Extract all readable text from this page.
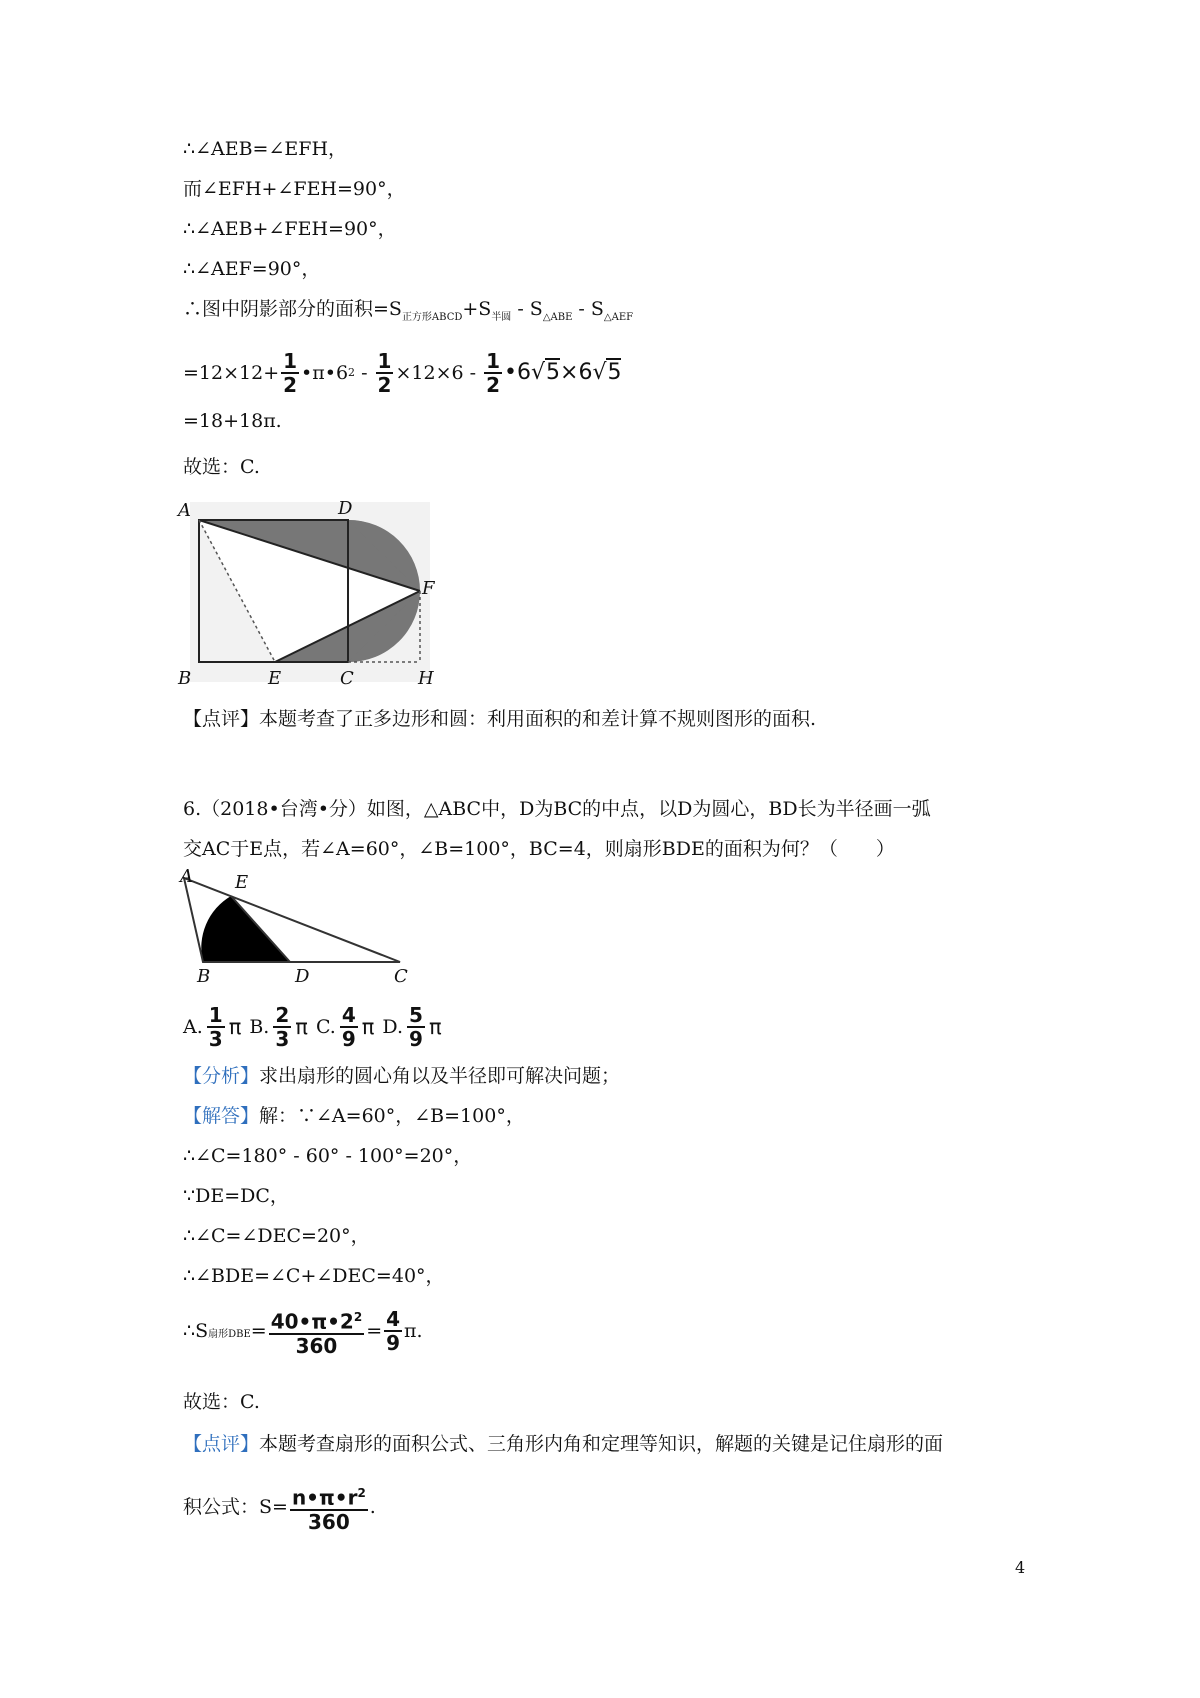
∴∠AEB=∠EFH，
而∠EFH+∠FEH=90°，
∴∠AEB+∠FEH=90°，
∴∠AEF=90°，
∴图中阴影部分的面积$=S_{正方形ABCD}+S_{半圆} - S_{\triangle ABE} - S_{\triangle AEF}$
$=12\times 12+ \frac{1}{2}$ •π•6 $2 - \frac{1}{2} \times 12\times 6 - \frac{1}{2}$ •6√5 ×6√5
=18+18π.
故选：C.
A	D
F
B	E	C	H
【点评】本题考查了正多边形和圆：利用面积的和差计算不规则图形的面积.
6.（2018•台湾•分）如图，△ABC中，D为BC的中点，以D为圆心，BD长为半径画一弧
交AC于E点，若∠A=60°，∠B=100°，BC=4，则扇形BDE的面积为何？（　　）
A E
B	D	C
A. $\frac{1}{3}$ π B. $\frac{2}{3}$ π C. $\frac{4}{9}$ π D. $\frac{5}{9}$ π
【分析】求出扇形的圆心角以及半径即可解决问题；
【解答】解：∵∠A=60°，∠B=100°，
∴∠C=180° - 60° - 100°=20°，
∵DE=DC，
∴∠C=∠DEC=20°，
∴∠BDE=∠C+∠DEC=40°，
∴S 扇形DBE = $\frac{40•\pi•2^2}{360} = \frac{4}{9} \pi$.
故选：C.
【点评】本题考查扇形的面积公式、三角形内角和定理等知识，解题的关键是记住扇形的面
积公式：$S= \frac{n•\pi•r^2}{360}$ .
4
